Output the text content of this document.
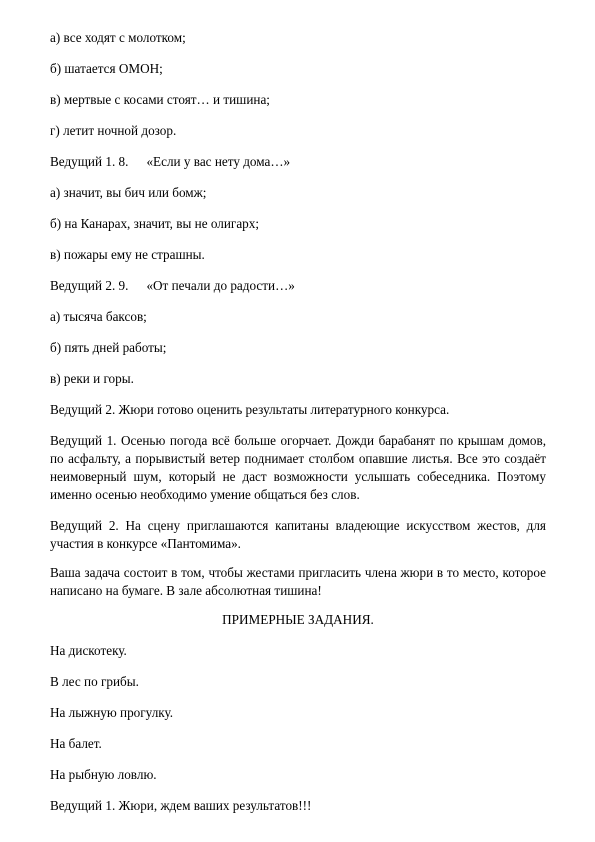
а) все ходят с молотком;

б) шатается ОМОН;

в) мертвые с косами стоят… и тишина;

г) летит ночной дозор.

Ведущий 1. 8. «Если у вас нету дома…»

а) значит, вы бич или бомж;

б) на Канарах, значит, вы не олигарх;

в) пожары ему не страшны.

Ведущий 2. 9. «От печали до радости…»

а) тысяча баксов;

б) пять дней работы;

в) реки и горы.

Ведущий 2. Жюри готово оценить результаты литературного конкурса.

Ведущий 1. Осенью погода всё больше огорчает. Дожди барабанят по крышам домов, по асфальту, а порывистый ветер поднимает столбом опавшие листья. Все это создаёт неимоверный шум, который не даст возможности услышать собеседника. Поэтому именно осенью необходимо умение общаться без слов.

Ведущий 2. На сцену приглашаются капитаны владеющие искусством жестов, для участия в конкурсе «Пантомима».

Ваша задача состоит в том, чтобы жестами пригласить члена жюри в то место, которое написано на бумаге. В зале абсолютная тишина!

ПРИМЕРНЫЕ ЗАДАНИЯ.

На дискотеку.

В лес по грибы.

На лыжную прогулку.

На балет.

На рыбную ловлю.

Ведущий 1. Жюри, ждем ваших результатов!!!
